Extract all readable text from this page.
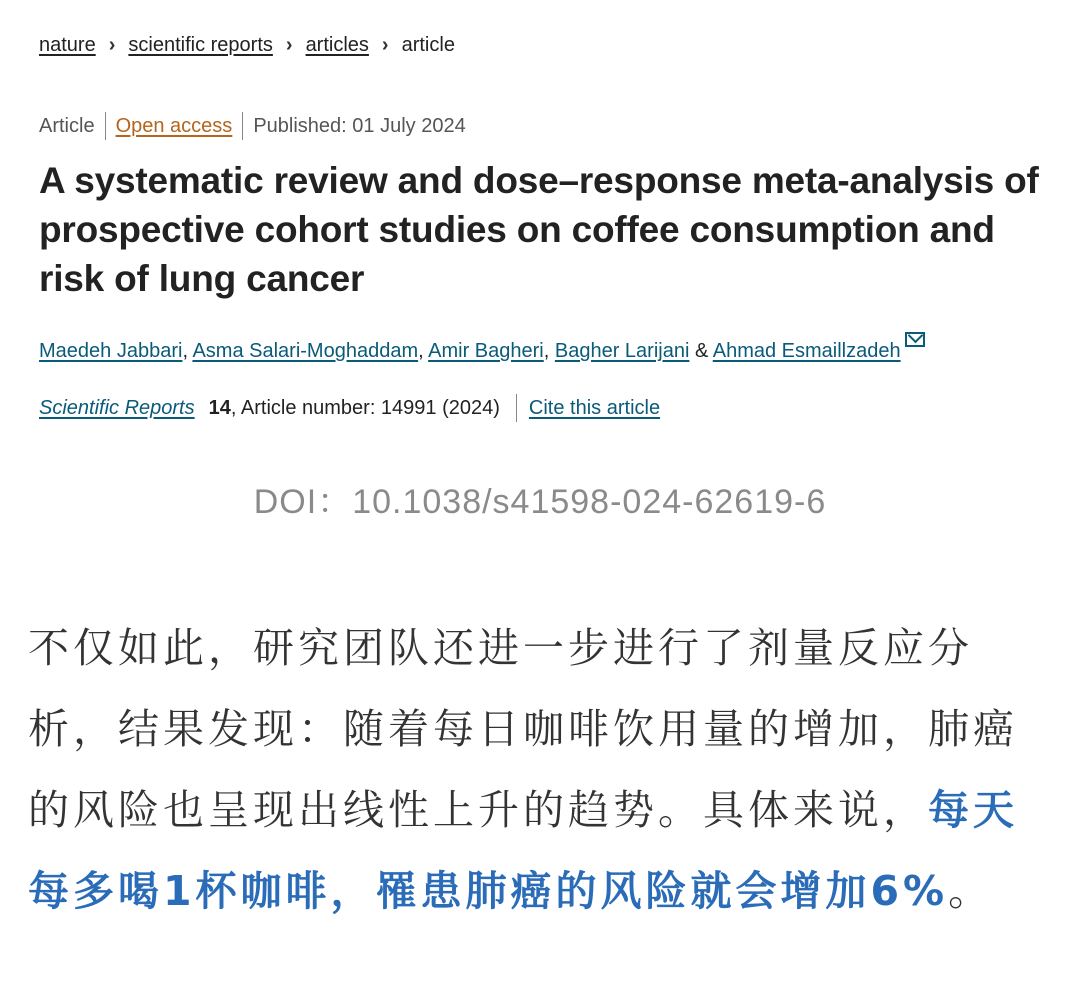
nature › scientific reports › articles › article
Article Open access Published: 01 July 2024
A systematic review and dose–response meta-analysis of prospective cohort studies on coffee consumption and risk of lung cancer
Maedeh Jabbari, Asma Salari-Moghaddam, Amir Bagheri, Bagher Larijani & Ahmad Esmaillzadeh
Scientific Reports 14 , Article number: 14991 (2024) Cite this article
DOI：10.1038/s41598-024-62619-6

不仅如此，研究团队还进一步进行了剂量反应分析，结果发现：随着每日咖啡饮用量的增加，肺癌的风险也呈现出线性上升的趋势。具体来说，每天每多喝1杯咖啡，罹患肺癌的风险就会增加6%。
